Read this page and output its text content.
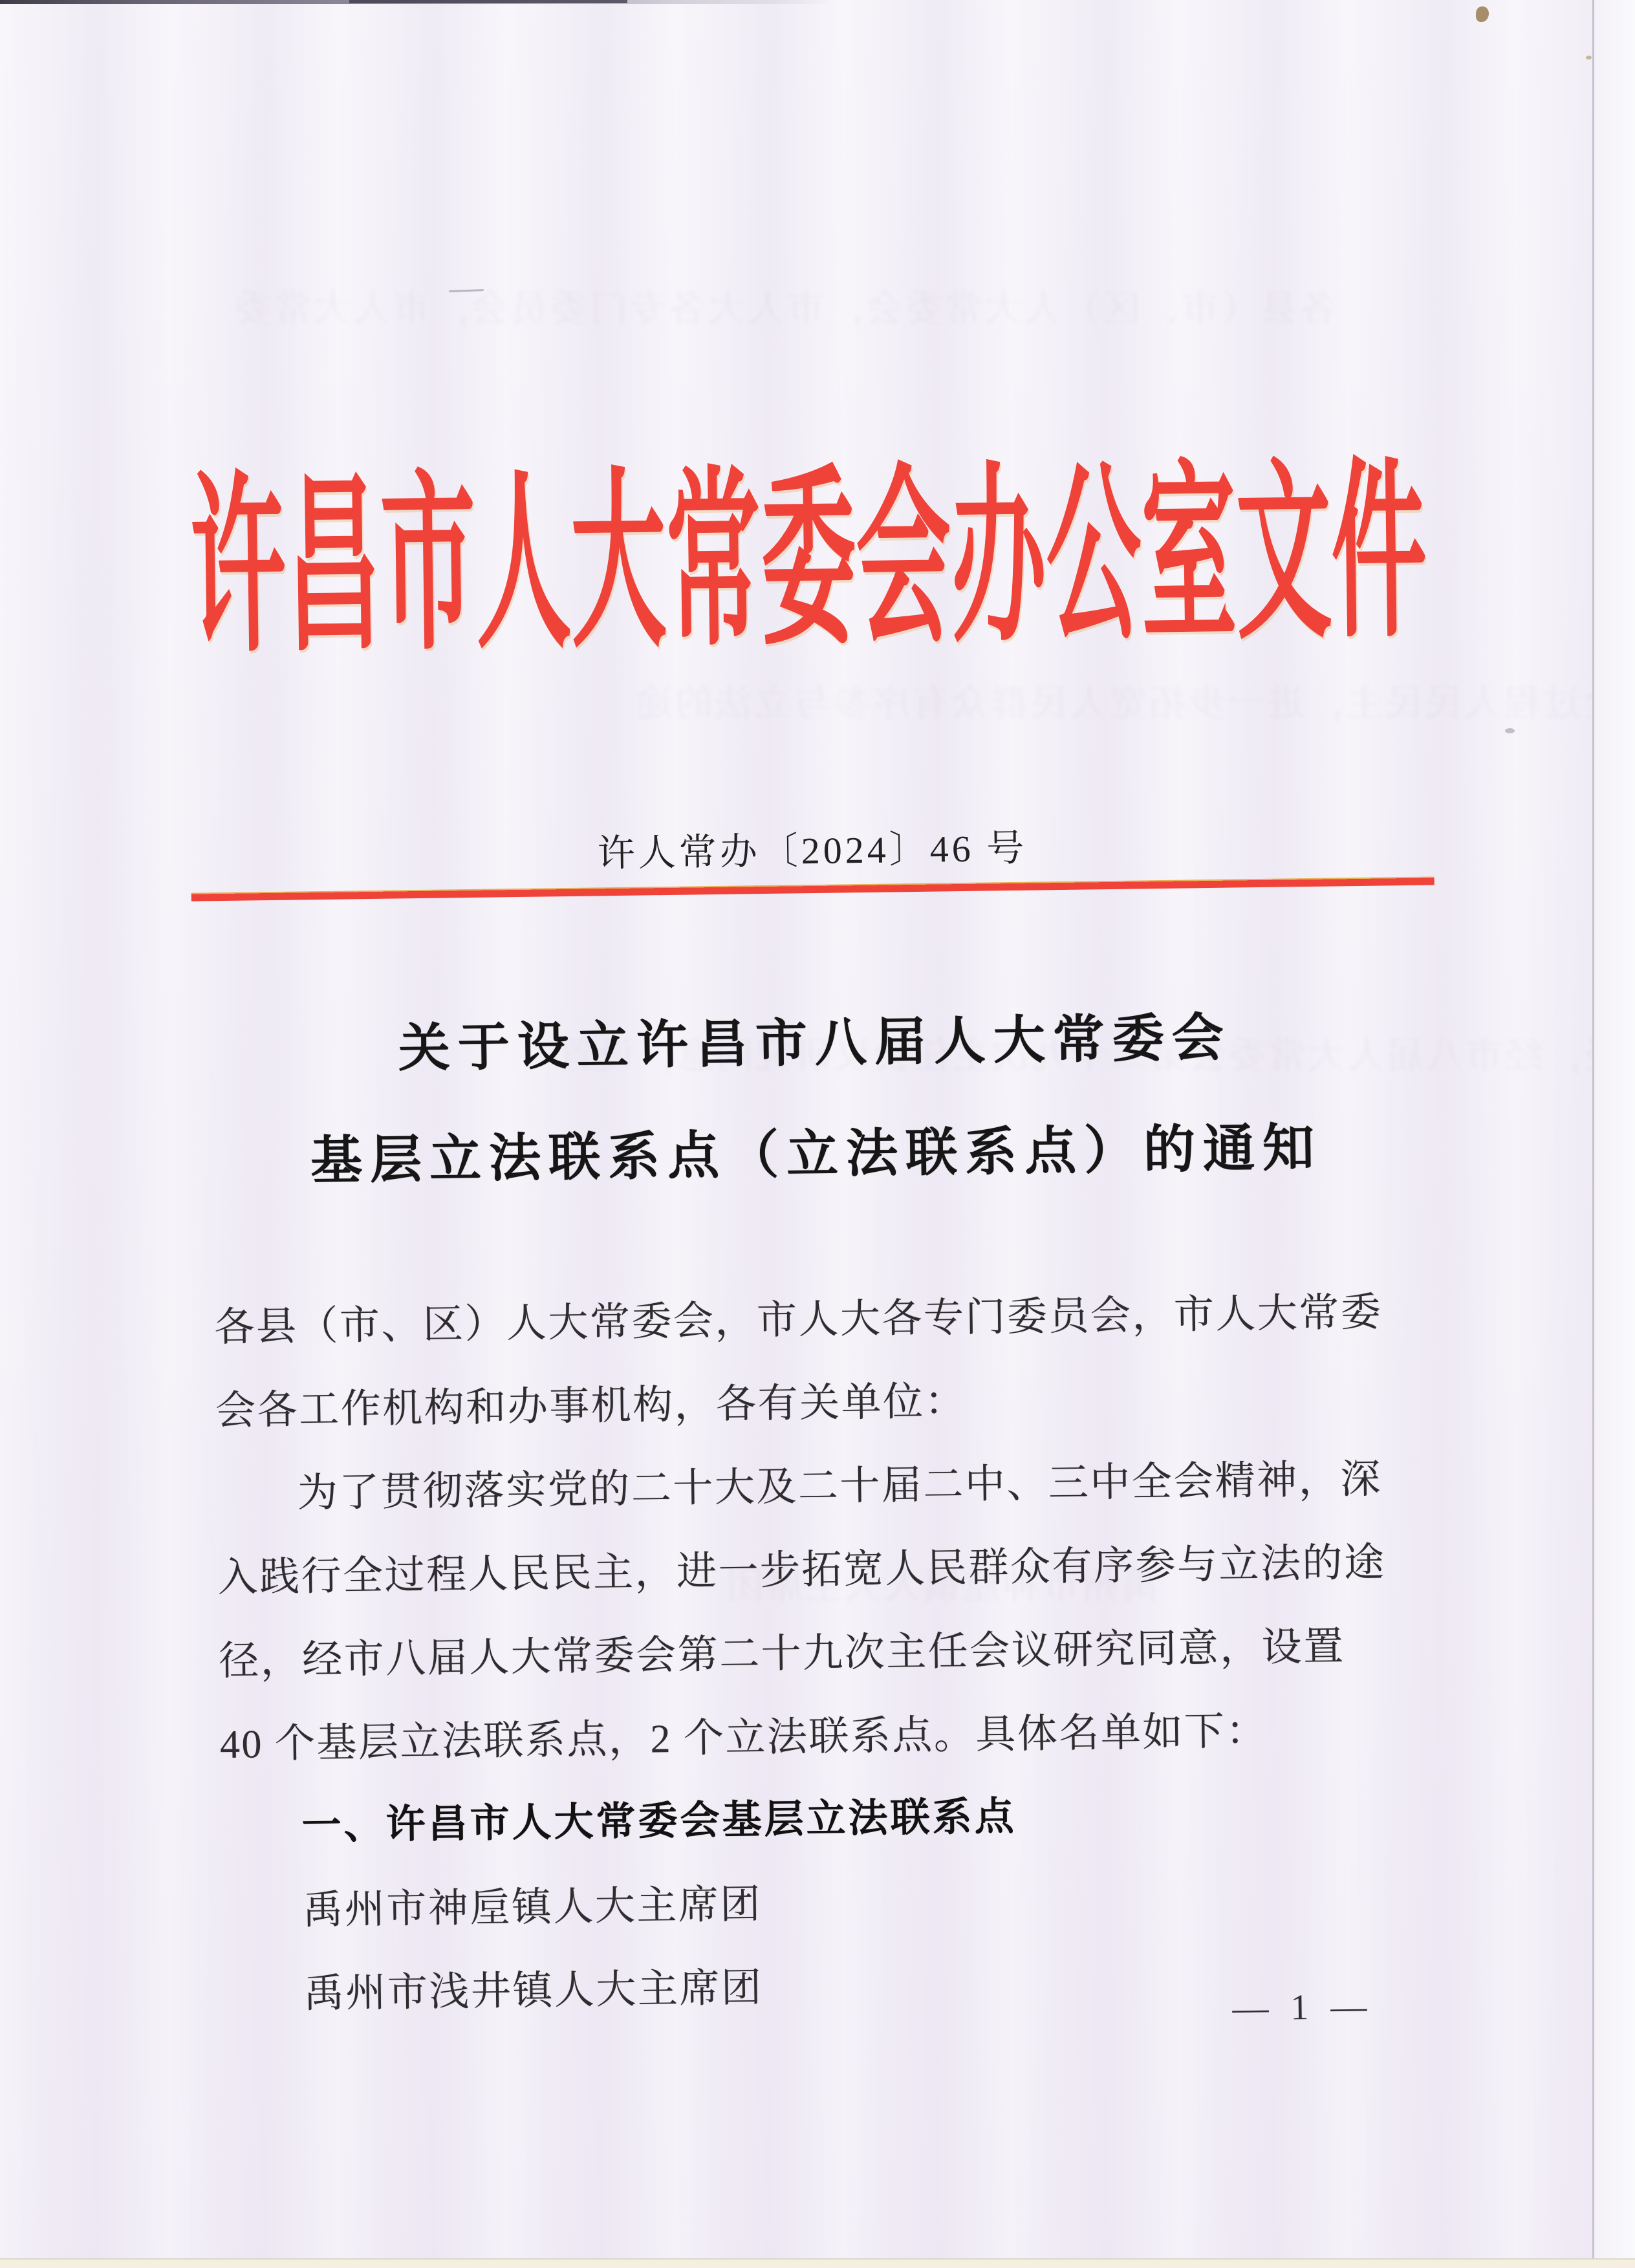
许昌市人大常委会办公室文件
许人常办〔2024〕46 号
关于设立许昌市八届人大常委会
基层立法联系点（立法联系点）的通知
各县（市、区）人大常委会，市人大各专门委员会，市人大常委
会各工作机构和办事机构，各有关单位：
为了贯彻落实党的二十大及二十届二中、三中全会精神，深
入践行全过程人民民主，进一步拓宽人民群众有序参与立法的途
径，经市八届人大常委会第二十九次主任会议研究同意，设置
40 个基层立法联系点，2 个立法联系点。具体名单如下：
一、许昌市人大常委会基层立法联系点
禹州市神垕镇人大主席团
禹州市浅井镇人大主席团	— 1 —
